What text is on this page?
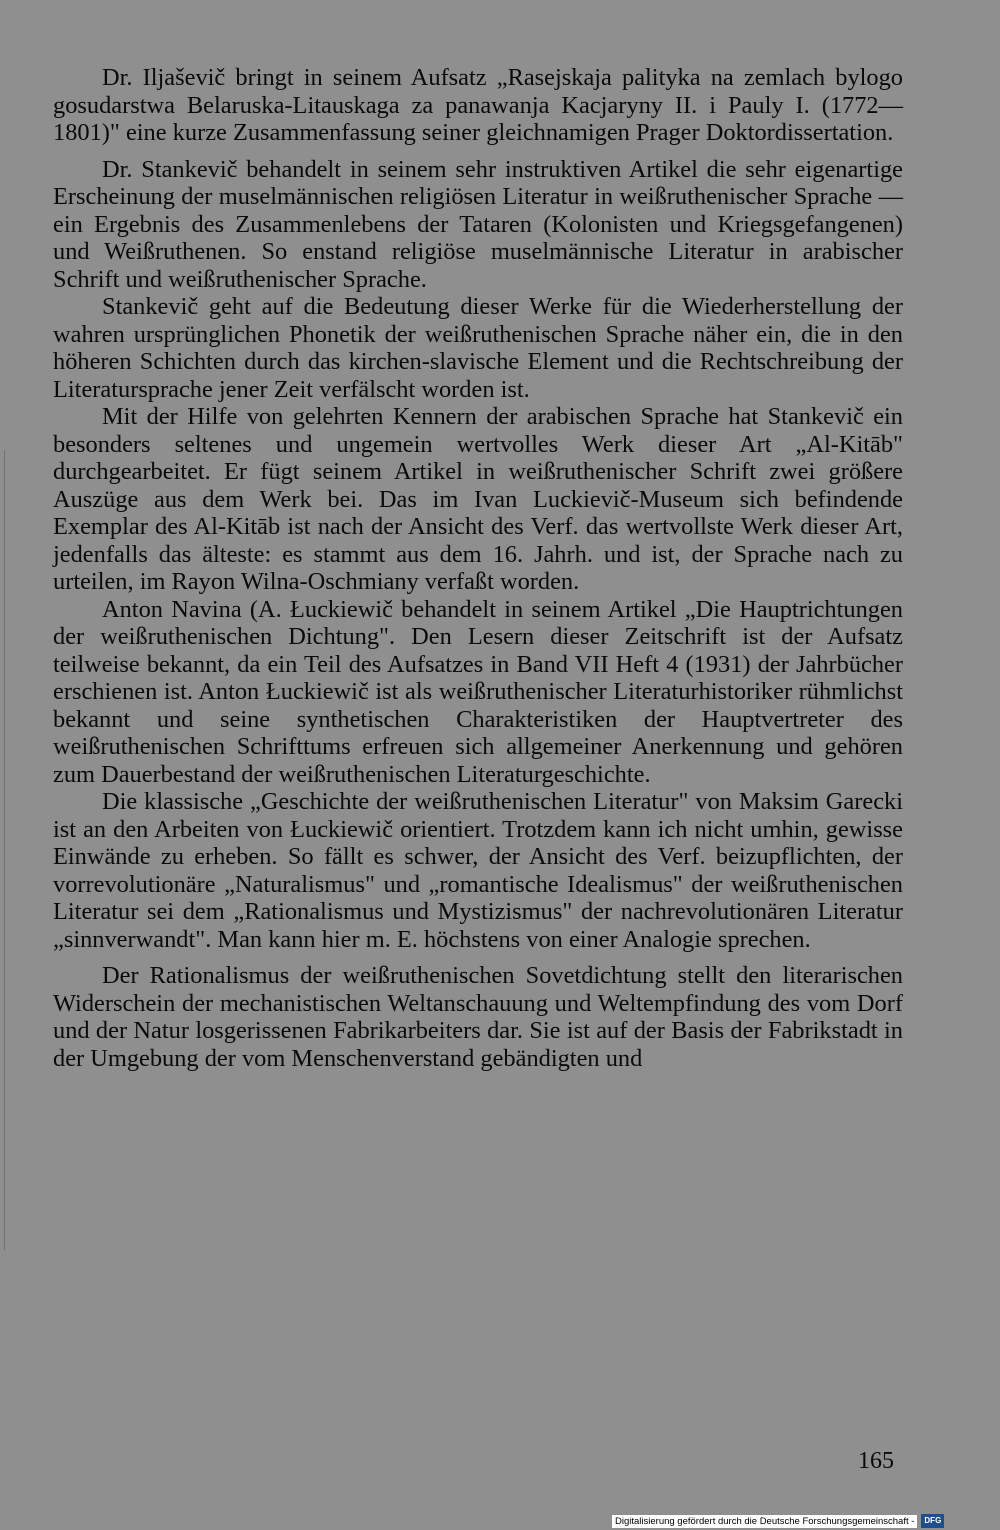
Dr. Iljaševič bringt in seinem Aufsatz „Rasejskaja palityka na zemlach bylogo gosudarstwa Belaruska-Litauskaga za panawanja Kacjaryny II. i Pauly I. (1772—1801)" eine kurze Zusammenfassung seiner gleichnamigen Prager Doktordissertation.

Dr. Stankevič behandelt in seinem sehr instruktiven Artikel die sehr eigenartige Erscheinung der muselmännischen religiösen Literatur in weißruthenischer Sprache — ein Ergebnis des Zusammenlebens der Tataren (Kolonisten und Kriegsgefangenen) und Weißruthenen. So enstand religiöse muselmännische Literatur in arabischer Schrift und weißruthenischer Sprache.

Stankevič geht auf die Bedeutung dieser Werke für die Wiederherstellung der wahren ursprünglichen Phonetik der weißruthenischen Sprache näher ein, die in den höheren Schichten durch das kirchen-slavische Element und die Rechtschreibung der Literatursprache jener Zeit verfälscht worden ist.

Mit der Hilfe von gelehrten Kennern der arabischen Sprache hat Stankevič ein besonders seltenes und ungemein wertvolles Werk dieser Art „Al-Kitāb" durchgearbeitet. Er fügt seinem Artikel in weißruthenischer Schrift zwei größere Auszüge aus dem Werk bei. Das im Ivan Luckievič-Museum sich befindende Exemplar des Al-Kitāb ist nach der Ansicht des Verf. das wertvollste Werk dieser Art, jedenfalls das älteste: es stammt aus dem 16. Jahrh. und ist, der Sprache nach zu urteilen, im Rayon Wilna-Oschmiany verfaßt worden.

Anton Navina (A. Łuckiewič behandelt in seinem Artikel „Die Hauptrichtungen der weißruthenischen Dichtung". Den Lesern dieser Zeitschrift ist der Aufsatz teilweise bekannt, da ein Teil des Aufsatzes in Band VII Heft 4 (1931) der Jahrbücher erschienen ist. Anton Łuckiewič ist als weißruthenischer Literaturhistoriker rühmlichst bekannt und seine synthetischen Charakteristiken der Hauptvertreter des weißruthenischen Schrifttums erfreuen sich allgemeiner Anerkennung und gehören zum Dauerbestand der weißruthenischen Literaturgeschichte.

Die klassische „Geschichte der weißruthenischen Literatur" von Maksim Garecki ist an den Arbeiten von Łuckiewič orientiert. Trotzdem kann ich nicht umhin, gewisse Einwände zu erheben. So fällt es schwer, der Ansicht des Verf. beizupflichten, der vorrevolutionäre „Naturalismus" und „romantische Idealismus" der weißruthenischen Literatur sei dem „Rationalismus und Mystizismus" der nachrevolutionären Literatur „sinnverwandt". Man kann hier m. E. höchstens von einer Analogie sprechen.

Der Rationalismus der weißruthenischen Sovetdichtung stellt den literarischen Widerschein der mechanistischen Weltanschauung und Weltempfindung des vom Dorf und der Natur losgerissenen Fabrikarbeiters dar. Sie ist auf der Basis der Fabrikstadt in der Umgebung der vom Menschenverstand gebändigten und

165
Digitalisierung gefördert durch die Deutsche Forschungsgemeinschaft -	DFG
